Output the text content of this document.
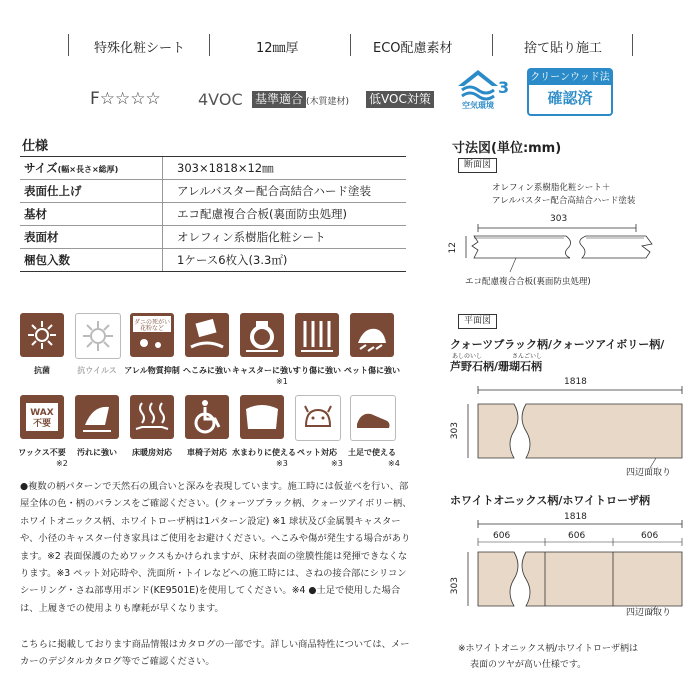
特殊化粧シート	12㎜厚	ECO配慮素材	捨て貼り施工
F☆☆☆☆ 4VOC 基準適合 (木質建材) 低VOC対策
3
空気環境
クリーンウッド法
確認済
仕様
サイズ(幅×長さ×総厚)	303×1818×12㎜
表面仕上げ	アレルバスター配合高結合ハード塗装
基材	エコ配慮複合合板(裏面防虫処理)
表面材	オレフィン系樹脂化粧シート
梱包入数	1ケース6枚入(3.3㎡)
ダニの死がい
花粉など
抗菌	抗ウイルス アレル物質抑制 へこみに強い キャスターに強い
すり傷に強い ペット傷に強い
※1
WAX
不要
ワックス不要	汚れに強い	床暖房対応	車椅子対応 水まわりに使える ペット対応	土足で使える
※2	※3	※3	※4
●複数の柄パターンで天然石の風合いと深みを表現しています。施工時には仮並べを行い、部屋全体の色・柄のバランスをご確認ください。(クォーツブラック柄、クォーツアイボリー柄、ホワイトオニックス柄、ホワイトローザ柄は1パターン設定) ※1 球状及び金属製キャスターや、小径のキャスター付き家具はご使用をお避けください。へこみや傷が発生する場合があります。※2 表面保護のためワックスもかけられますが、床材表面の塗膜性能は発揮できなくなります。※3 ペット対応時や、洗面所・トイレなどへの施工時には、さねの接合部にシリコンシーリング・さね部専用ボンド(KE9501E)を使用してください。※4 ●土足で使用した場合は、上履きでの使用よりも摩耗が早くなります。
こちらに掲載しております商品情報はカタログの一部です。詳しい商品特性については、メーカーのデジタルカタログ等でご確認ください。
寸法図(単位:mm)
断面図
オレフィン系樹脂化粧シート＋
アレルバスター配合高結合ハード塗装
303
12
エコ配慮複合合板(裏面防虫処理)
平面図
クォーツブラック柄/クォーツアイボリー柄/
あしのいし	さんごいし
芦野石柄/珊瑚石柄
1818
303
四辺面取り
ホワイトオニックス柄/ホワイトローザ柄
1818
606	606	606
303
四辺面取り
※ホワイトオニックス柄/ホワイトローザ柄は
表面のツヤが高い仕様です。
